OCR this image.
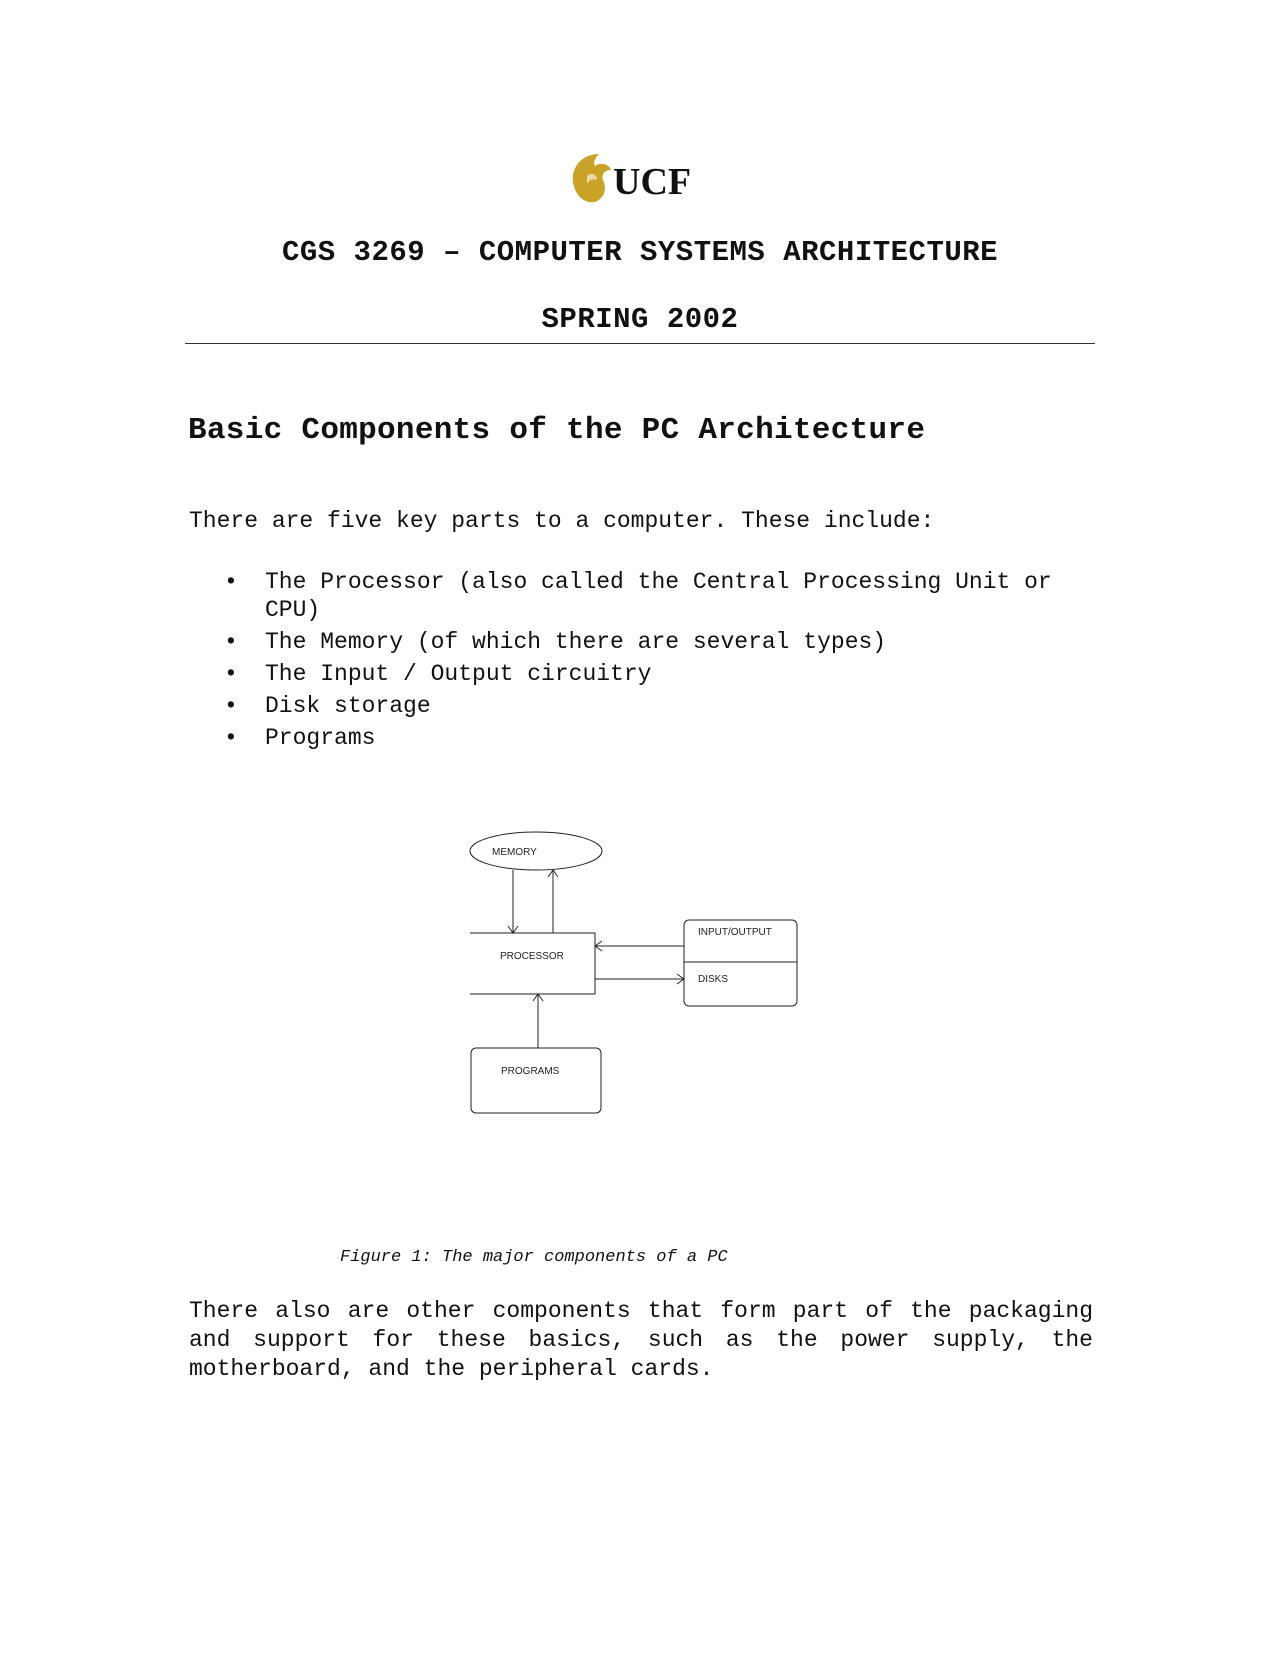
UCF
CGS 3269 – COMPUTER SYSTEMS ARCHITECTURE
SPRING 2002
Basic Components of the PC Architecture

There are five key parts to a computer. These include:

• The Processor (also called the Central Processing Unit or CPU)
• The Memory (of which there are several types)
• The Input / Output circuitry
• Disk storage
• Programs
MEMORY
PROCESSOR
INPUT/OUTPUT
DISKS
PROGRAMS
Figure 1: The major components of a PC

There also are other components that form part of the packaging and support for these basics, such as the power supply, the motherboard, and the peripheral cards.
